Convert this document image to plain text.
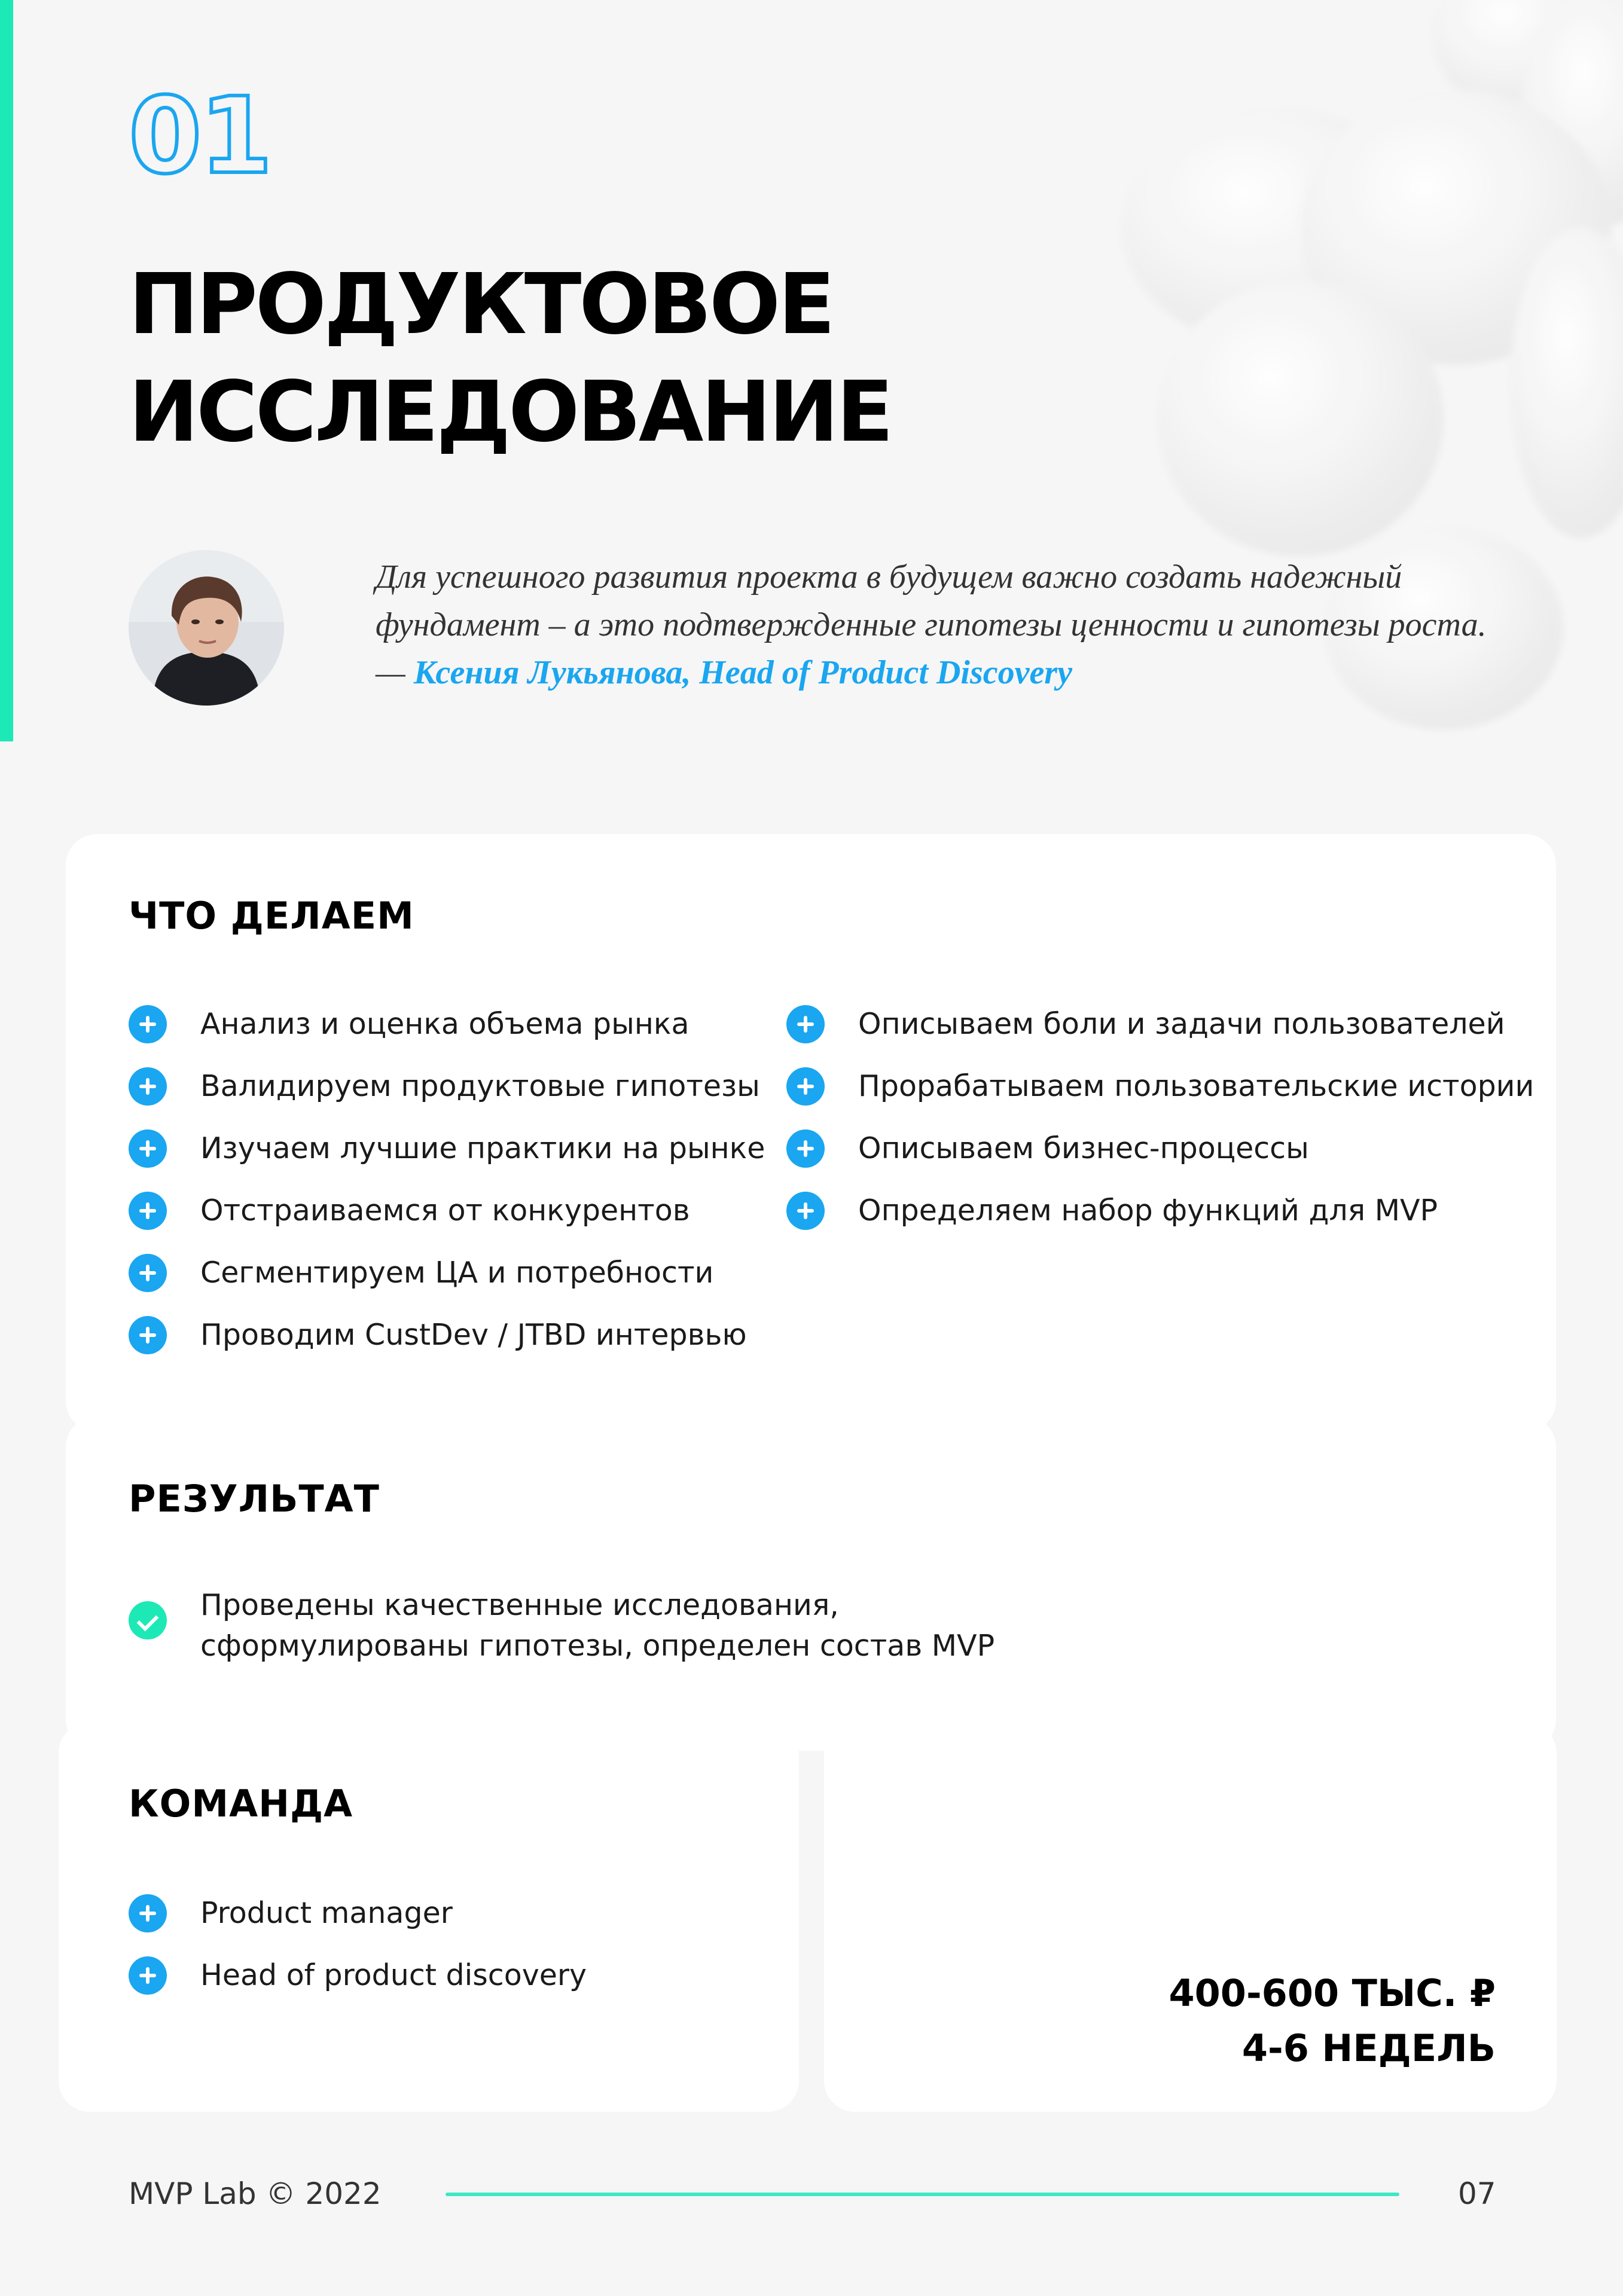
01
ПРОДУКТОВОЕ
ИССЛЕДОВАНИЕ

Для успешного развития проекта в будущем важно создать надежный фундамент – а это подтвержденные гипотезы ценности и гипотезы роста. — Ксения Лукьянова, Head of Product Discovery

ЧТО ДЕЛАЕМ
Анализ и оценка объема рынка
Валидируем продуктовые гипотезы
Изучаем лучшие практики на рынке
Отстраиваемся от конкурентов
Сегментируем ЦА и потребности
Проводим CustDev / JTBD интервью
Описываем боли и задачи пользователей
Прорабатываем пользовательские истории
Описываем бизнес-процессы
Определяем набор функций для MVP
РЕЗУЛЬТАТ

Проведены качественные исследования,
сформулированы гипотезы, определен состав MVP

КОМАНДА
Product manager
Head of product discovery	400-600 ТЫС. ₽
4-6 НЕДЕЛЬ
MVP Lab © 2022	07
